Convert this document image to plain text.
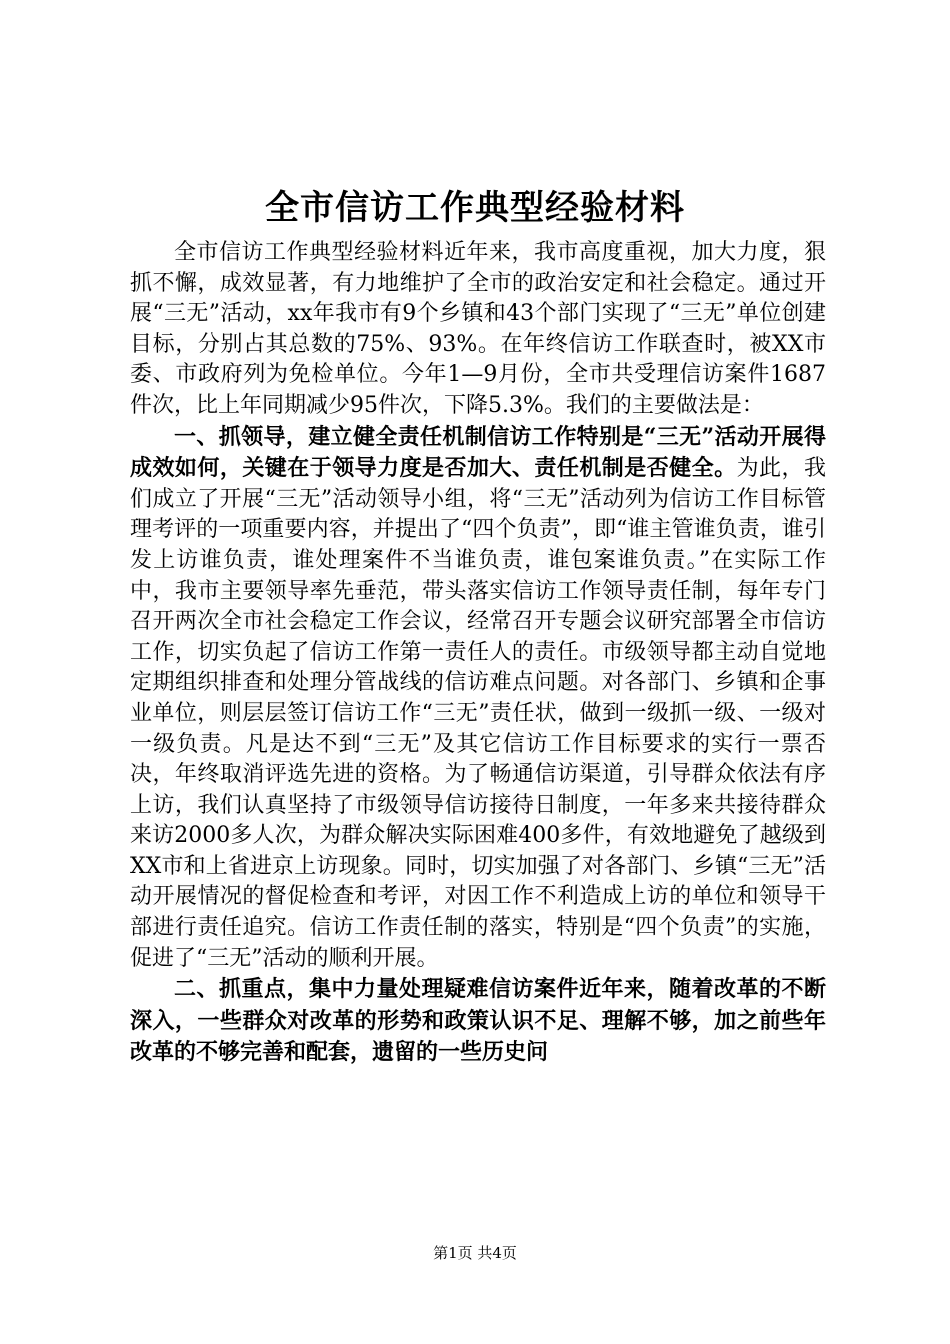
全市信访工作典型经验材料

全市信访工作典型经验材料近年来，我市高度重视，加大力度，狠抓不懈，成效显著，有力地维护了全市的政治安定和社会稳定。通过开展“三无”活动，xx年我市有9个乡镇和43个部门实现了“三无”单位创建目标，分别占其总数的75%、93%。在年终信访工作联查时，被XX市委、市政府列为免检单位。今年1—9月份，全市共受理信访案件1687件次，比上年同期减少95件次，下降5.3%。我们的主要做法是：

一、抓领导，建立健全责任机制信访工作特别是“三无”活动开展得成效如何，关键在于领导力度是否加大、责任机制是否健全。为此，我们成立了开展“三无”活动领导小组，将“三无”活动列为信访工作目标管理考评的一项重要内容，并提出了“四个负责”，即“谁主管谁负责，谁引发上访谁负责，谁处理案件不当谁负责，谁包案谁负责。”在实际工作中，我市主要领导率先垂范，带头落实信访工作领导责任制，每年专门召开两次全市社会稳定工作会议，经常召开专题会议研究部署全市信访工作，切实负起了信访工作第一责任人的责任。市级领导都主动自觉地定期组织排查和处理分管战线的信访难点问题。对各部门、乡镇和企事业单位，则层层签订信访工作“三无”责任状，做到一级抓一级、一级对一级负责。凡是达不到“三无”及其它信访工作目标要求的实行一票否决，年终取消评选先进的资格。为了畅通信访渠道，引导群众依法有序上访，我们认真坚持了市级领导信访接待日制度，一年多来共接待群众来访2000多人次，为群众解决实际困难400多件，有效地避免了越级到XX市和上省进京上访现象。同时，切实加强了对各部门、乡镇“三无”活动开展情况的督促检查和考评，对因工作不利造成上访的单位和领导干部进行责任追究。信访工作责任制的落实，特别是“四个负责”的实施，促进了“三无”活动的顺利开展。

二、抓重点，集中力量处理疑难信访案件近年来，随着改革的不断深入，一些群众对改革的形势和政策认识不足、理解不够，加之前些年改革的不够完善和配套，遗留的一些历史问

第1页 共4页
